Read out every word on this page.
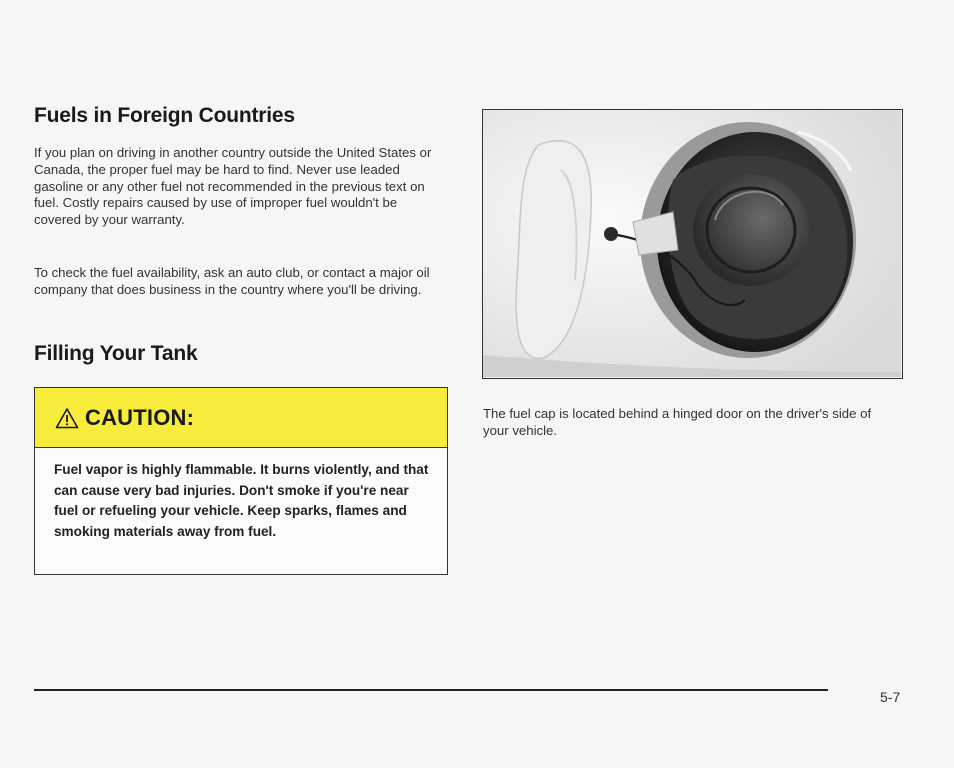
Fuels in Foreign Countries

If you plan on driving in another country outside the United States or Canada, the proper fuel may be hard to find. Never use leaded gasoline or any other fuel not recommended in the previous text on fuel. Costly repairs caused by use of improper fuel wouldn't be covered by your warranty.

To check the fuel availability, ask an auto club, or contact a major oil company that does business in the country where you'll be driving.

Filling Your Tank
CAUTION:

Fuel vapor is highly flammable. It burns violently, and that can cause very bad injuries. Don't smoke if you're near fuel or refueling your vehicle. Keep sparks, flames and smoking materials away from fuel.

The fuel cap is located behind a hinged door on the driver's side of your vehicle.

5-7
